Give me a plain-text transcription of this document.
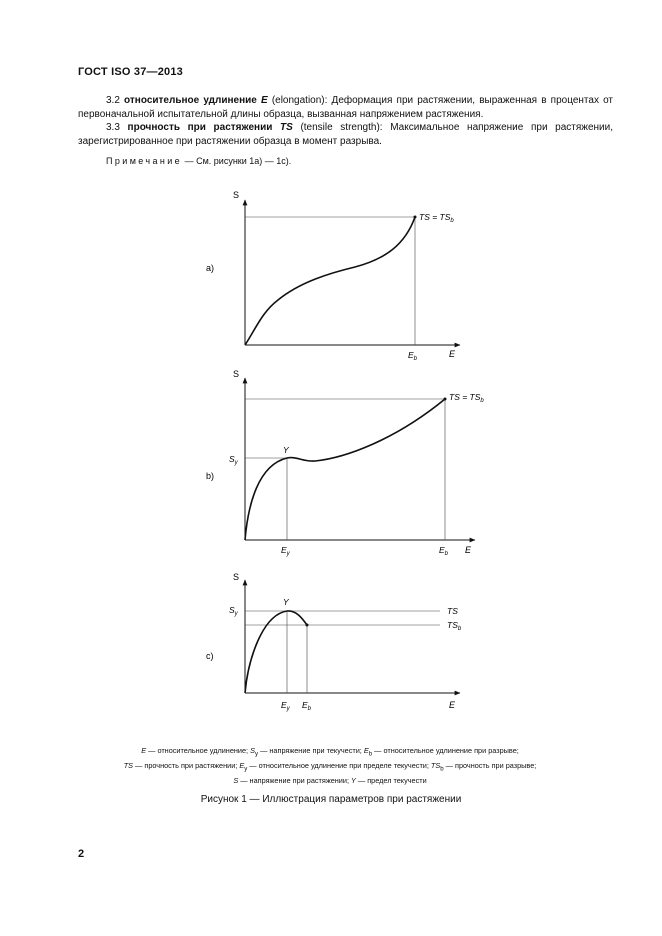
ГОСТ ISO 37—2013
3.2 относительное удлинение E (elongation): Деформация при растяжении, выраженная в процентах от первоначальной испытательной длины образца, вызванная напряжением растяжения.
3.3 прочность при растяжении TS (tensile strength): Максимальное напряжение при растяжении, зарегистрированное при растяжении образца в момент разрыва.
Примечание — См. рисунки 1а) — 1с).
S
E
a)
TS = $TS_b$
$E_b$
S
E
b)
TS = $TS_b$
Y
$S_y$
$E_y$	$E_b$
S
E
c)
Y
$S_y$	TS
$TS_b$
$E_y$ $E_b$
E — относительное удлинение; $S_y$ — напряжение при текучести; $E_b$ — относительное удлинение при разрыве;
TS — прочность при растяжении; $E_y$ — относительное удлинение при пределе текучести; $TS_b$ — прочность при разрыве;
S — напряжение при растяжении; Y — предел текучести
Рисунок 1 — Иллюстрация параметров при растяжении
2
